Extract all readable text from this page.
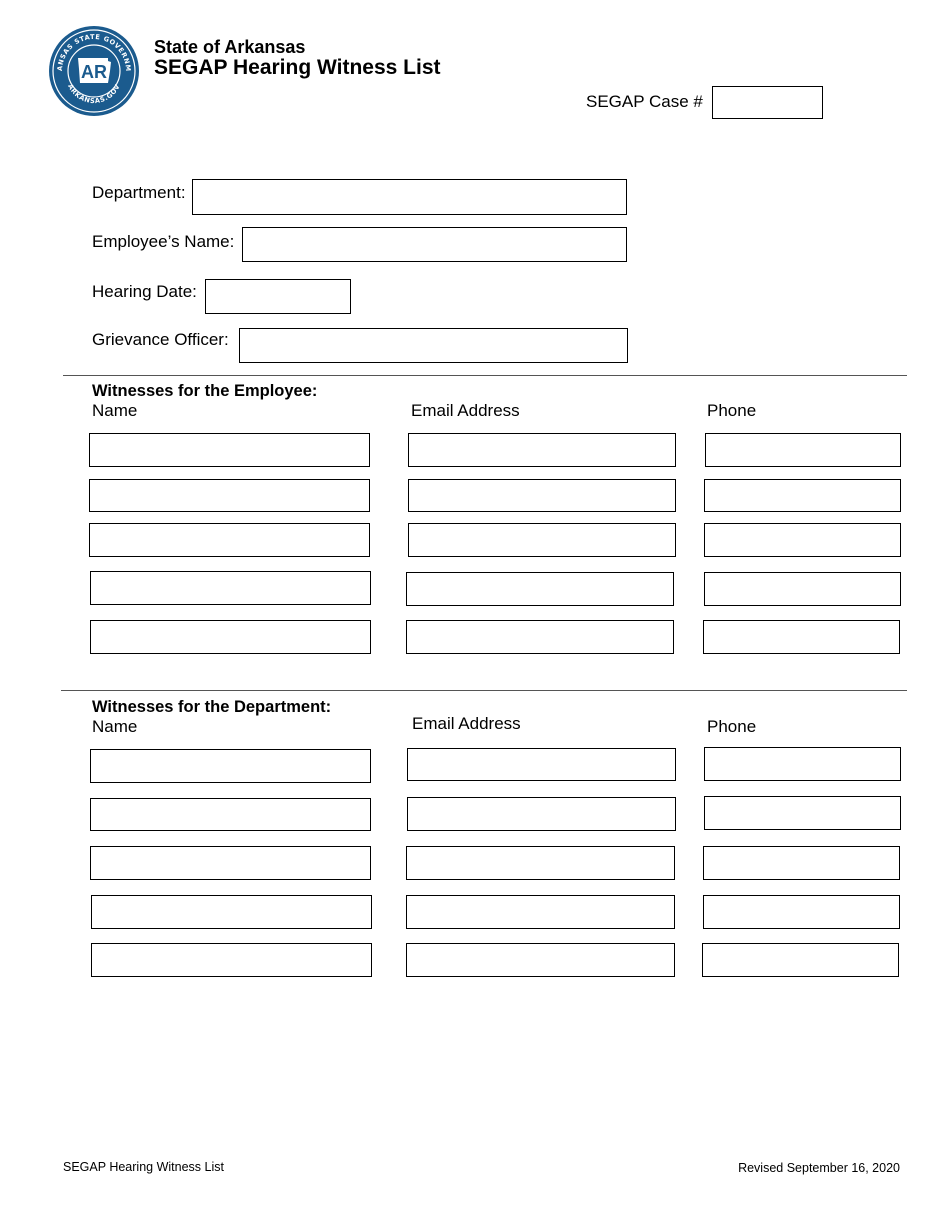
ANSAS STATE GOVERNM
ARKANSAS.GOV
AR
State of Arkansas
SEGAP Hearing Witness List
SEGAP Case #
Department:
Employee’s Name:
Hearing Date:
Grievance Officer:
Witnesses for the Employee:
Name	Email Address	Phone
Witnesses for the Department:
Name	Email Address	Phone
SEGAP Hearing Witness List	Revised September 16, 2020
